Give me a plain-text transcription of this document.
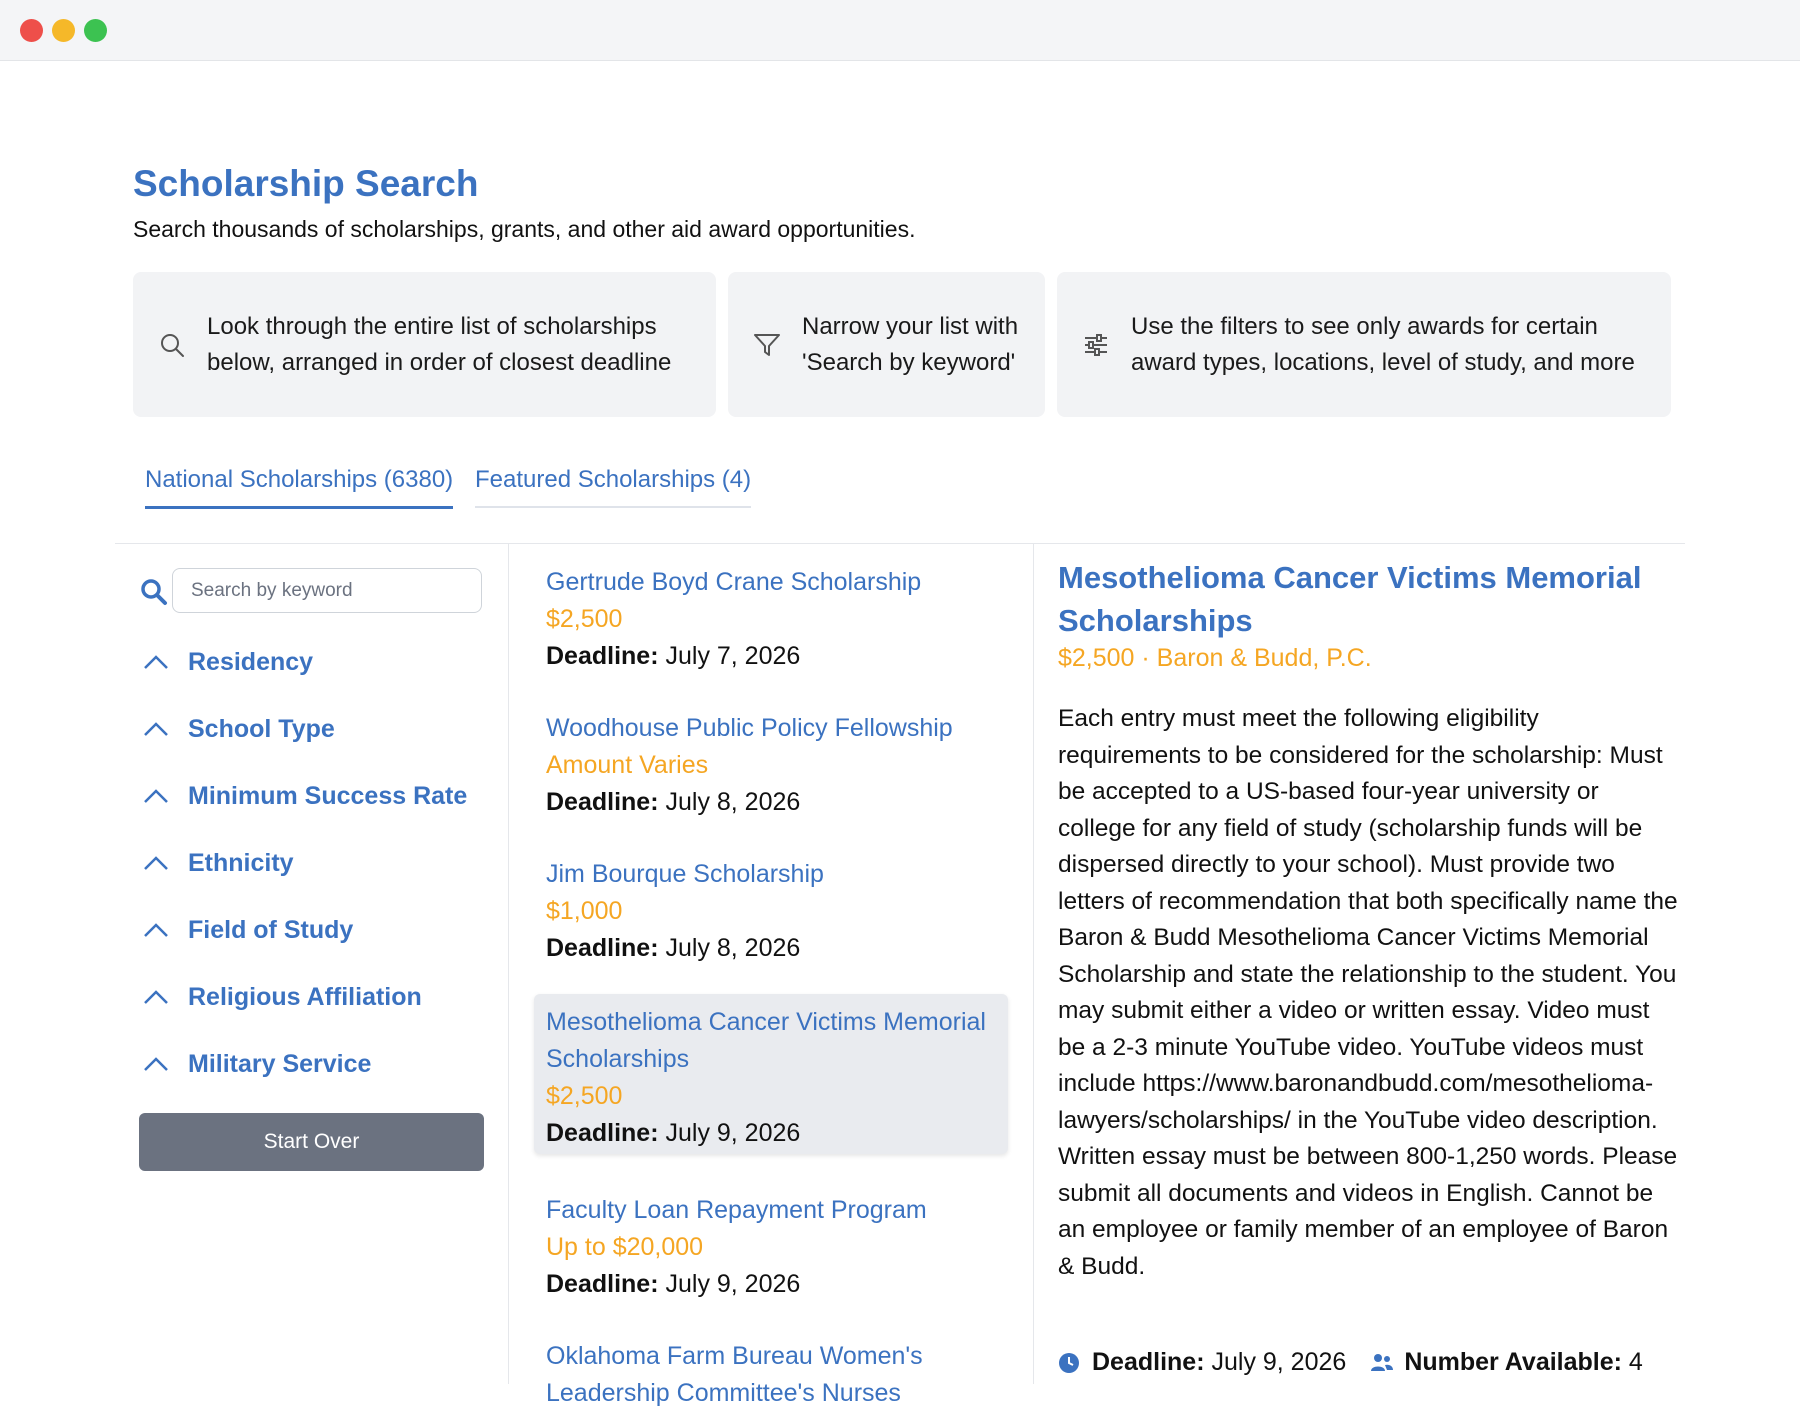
Scholarship Search
Search thousands of scholarships, grants, and other aid award opportunities.
Look through the entire list of scholarships below, arranged in order of closest deadline
Narrow your list with 'Search by keyword'
Use the filters to see only awards for certain award types, locations, level of study, and more
National Scholarships (6380) Featured Scholarships (4)
Search by keyword
Residency
School Type
Minimum Success Rate
Ethnicity
Field of Study
Religious Affiliation
Military Service
Start Over
Gertrude Boyd Crane Scholarship
$2,500
Deadline: July 7, 2026
Woodhouse Public Policy Fellowship
Amount Varies
Deadline: July 8, 2026
Jim Bourque Scholarship
$1,000
Deadline: July 8, 2026
Mesothelioma Cancer Victims Memorial Scholarships
$2,500
Deadline: July 9, 2026
Faculty Loan Repayment Program
Up to $20,000
Deadline: July 9, 2026
Oklahoma Farm Bureau Women's Leadership Committee's Nurses
Mesothelioma Cancer Victims Memorial Scholarships
$2,500 · Baron & Budd, P.C.

Each entry must meet the following eligibility requirements to be considered for the scholarship: Must be accepted to a US-based four-year university or college for any field of study (scholarship funds will be dispersed directly to your school). Must provide two letters of recommendation that both specifically name the Baron & Budd Mesothelioma Cancer Victims Memorial Scholarship and state the relationship to the student. You may submit either a video or written essay. Video must be a 2-3 minute YouTube video. YouTube videos must include https://www.baronandbudd.com/mesothelioma-lawyers/scholarships/ in the YouTube video description. Written essay must be between 800-1,250 words. Please submit all documents and videos in English. Cannot be an employee or family member of an employee of Baron & Budd.

Deadline:
July 9, 2026 Number Available:
4
